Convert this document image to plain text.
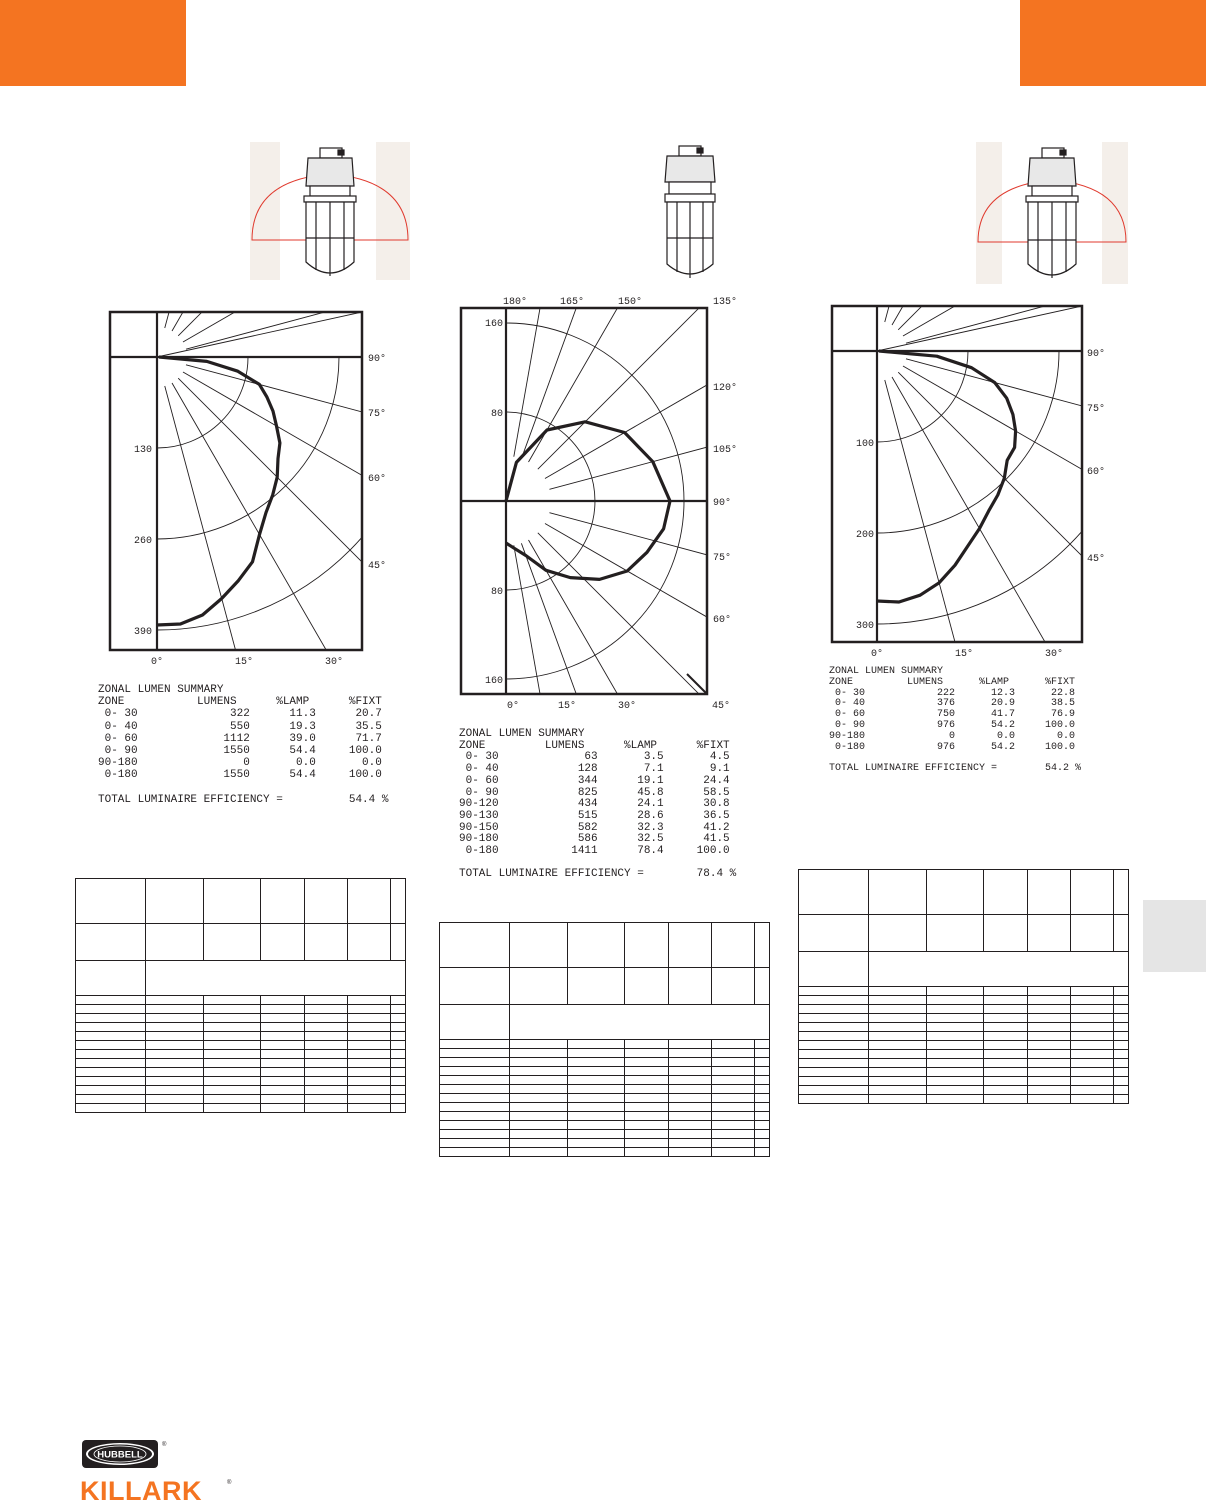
130
260
390
90°
75°
60°
45°
0°	15°	30°
160
80
80
160
180°	165°	150°	135°
120°
105°
90°
75°
60°
0°	15°	30°	45°
100
200
300
90°
75°
60°
45°
0°	15°	30°
ZONAL LUMEN SUMMARY
ZONE           LUMENS      %LAMP      %FIXT
0- 30              322      11.3      20.7
0- 40              550      19.3      35.5
0- 60             1112      39.0      71.7
0- 90             1550      54.4     100.0
90-180                0       0.0       0.0
0-180             1550      54.4     100.0

TOTAL LUMINAIRE EFFICIENCY =          54.4 %
ZONAL LUMEN SUMMARY
ZONE         LUMENS      %LAMP      %FIXT
0- 30             63       3.5       4.5
0- 40            128       7.1       9.1
0- 60            344      19.1      24.4
0- 90            825      45.8      58.5
90-120            434      24.1      30.8
90-130            515      28.6      36.5
90-150            582      32.3      41.2
90-180            586      32.5      41.5
0-180           1411      78.4     100.0

TOTAL LUMINAIRE EFFICIENCY =        78.4 %
ZONAL LUMEN SUMMARY
ZONE         LUMENS      %LAMP      %FIXT
0- 30            222      12.3      22.8
0- 40            376      20.9      38.5
0- 60            750      41.7      76.9
0- 90            976      54.2     100.0
90-180              0       0.0       0.0
0-180            976      54.2     100.0

TOTAL LUMINAIRE EFFICIENCY =        54.2 %

HUBBELL
®
KILLARK	®
